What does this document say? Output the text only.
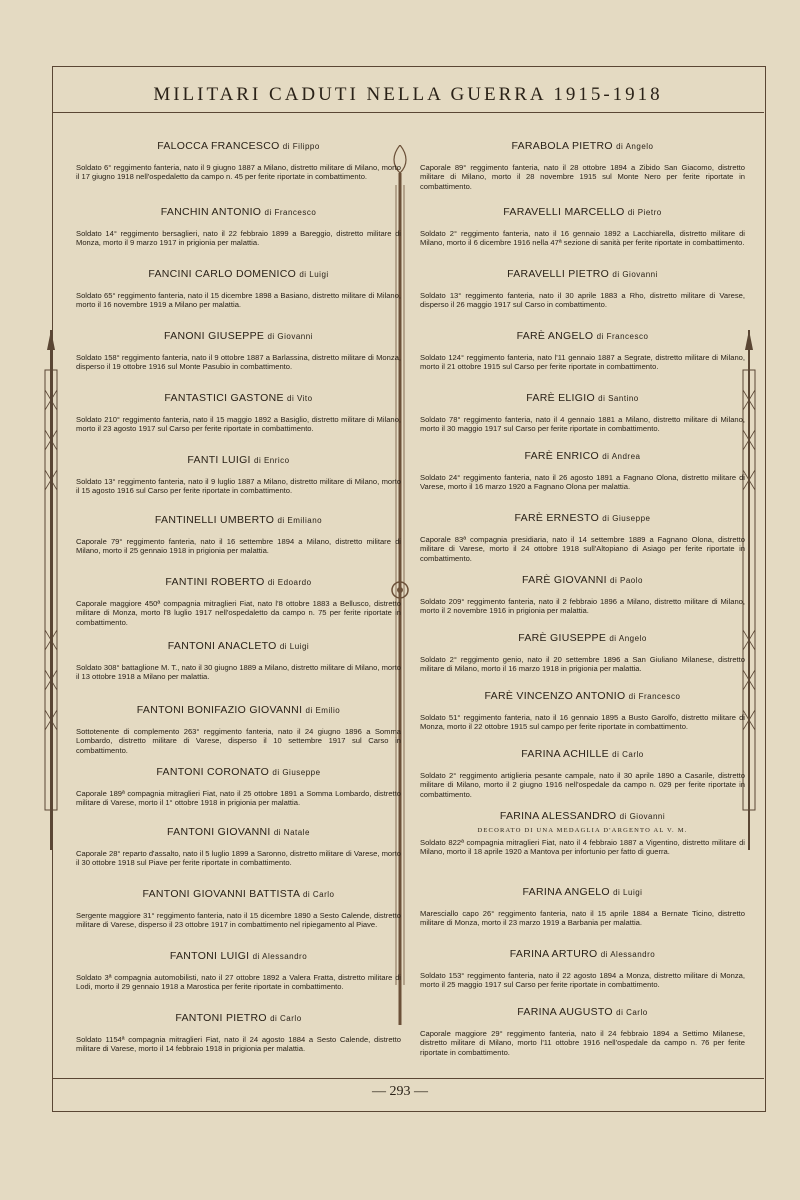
MILITARI CADUTI NELLA GUERRA 1915-1918
FALOCCA FRANCESCO di Filippo
Soldato 6° reggimento fanteria, nato il 9 giugno 1887 a Milano, distretto militare di Milano, morto il 17 giugno 1918 nell'ospedaletto da campo n. 45 per ferite riportate in combattimento.
FANCHIN ANTONIO di Francesco
Soldato 14° reggimento bersaglieri, nato il 22 febbraio 1899 a Bareggio, distretto militare di Monza, morto il 9 marzo 1917 in prigionia per malattia.
FANCINI CARLO DOMENICO di Luigi
Soldato 65° reggimento fanteria, nato il 15 dicembre 1898 a Basiano, distretto militare di Milano, morto il 16 novembre 1919 a Milano per malattia.
FANONI GIUSEPPE di Giovanni
Soldato 158° reggimento fanteria, nato il 9 ottobre 1887 a Barlassina, distretto militare di Monza, disperso il 19 ottobre 1916 sul Monte Pasubio in combattimento.
FANTASTICI GASTONE di Vito
Soldato 210° reggimento fanteria, nato il 15 maggio 1892 a Basiglio, distretto militare di Milano, morto il 23 agosto 1917 sul Carso per ferite riportate in combattimento.
FANTI LUIGI di Enrico
Soldato 13° reggimento fanteria, nato il 9 luglio 1887 a Milano, distretto militare di Milano, morto il 15 agosto 1916 sul Carso per ferite riportate in combattimento.
FANTINELLI UMBERTO di Emiliano
Caporale 79° reggimento fanteria, nato il 16 settembre 1894 a Milano, distretto militare di Milano, morto il 25 gennaio 1918 in prigionia per malattia.
FANTINI ROBERTO di Edoardo
Caporale maggiore 450ª compagnia mitraglieri Fiat, nato l'8 ottobre 1883 a Bellusco, distretto militare di Monza, morto l'8 luglio 1917 nell'ospedaletto da campo n. 75 per ferite riportate in combattimento.
FANTONI ANACLETO di Luigi
Soldato 308° battaglione M. T., nato il 30 giugno 1889 a Milano, distretto militare di Milano, morto il 13 ottobre 1918 a Milano per malattia.
FANTONI BONIFAZIO GIOVANNI di Emilio
Sottotenente di complemento 263° reggimento fanteria, nato il 24 giugno 1896 a Somma Lombardo, distretto militare di Varese, disperso il 10 settembre 1917 sul Carso in combattimento.
FANTONI CORONATO di Giuseppe
Caporale 189ª compagnia mitraglieri Fiat, nato il 25 ottobre 1891 a Somma Lombardo, distretto militare di Varese, morto il 1° ottobre 1918 in prigionia per malattia.
FANTONI GIOVANNI di Natale
Caporale 28° reparto d'assalto, nato il 5 luglio 1899 a Saronno, distretto militare di Varese, morto il 30 ottobre 1918 sul Piave per ferite riportate in combattimento.
FANTONI GIOVANNI BATTISTA di Carlo
Sergente maggiore 31° reggimento fanteria, nato il 15 dicembre 1890 a Sesto Calende, distretto militare di Varese, disperso il 23 ottobre 1917 in combattimento nel ripiegamento al Piave.
FANTONI LUIGI di Alessandro
Soldato 3ª compagnia automobilisti, nato il 27 ottobre 1892 a Valera Fratta, distretto militare di Lodi, morto il 29 gennaio 1918 a Marostica per ferite riportate in combattimento.
FANTONI PIETRO di Carlo
Soldato 1154ª compagnia mitraglieri Fiat, nato il 24 agosto 1884 a Sesto Calende, distretto militare di Varese, morto il 14 febbraio 1918 in prigionia per malattia.
FARABOLA PIETRO di Angelo
Caporale 89° reggimento fanteria, nato il 28 ottobre 1894 a Zibido San Giacomo, distretto militare di Milano, morto il 28 novembre 1915 sul Monte Nero per ferite riportate in combattimento.
FARAVELLI MARCELLO di Pietro
Soldato 2° reggimento fanteria, nato il 16 gennaio 1892 a Lacchiarella, distretto militare di Milano, morto il 6 dicembre 1916 nella 47ª sezione di sanità per ferite riportate in combattimento.
FARAVELLI PIETRO di Giovanni
Soldato 13° reggimento fanteria, nato il 30 aprile 1883 a Rho, distretto militare di Varese, disperso il 26 maggio 1917 sul Carso in combattimento.
FARÈ ANGELO di Francesco
Soldato 124° reggimento fanteria, nato l'11 gennaio 1887 a Segrate, distretto militare di Milano, morto il 21 ottobre 1915 sul Carso per ferite riportate in combattimento.
FARÈ ELIGIO di Santino
Soldato 78° reggimento fanteria, nato il 4 gennaio 1881 a Milano, distretto militare di Milano, morto il 30 maggio 1917 sul Carso per ferite riportate in combattimento.
FARÈ ENRICO di Andrea
Soldato 24° reggimento fanteria, nato il 26 agosto 1891 a Fagnano Olona, distretto militare di Varese, morto il 16 marzo 1920 a Fagnano Olona per malattia.
FARÈ ERNESTO di Giuseppe
Caporale 83ª compagnia presidiaria, nato il 14 settembre 1889 a Fagnano Olona, distretto militare di Varese, morto il 24 ottobre 1918 sull'Altopiano di Asiago per ferite riportate in combattimento.
FARÈ GIOVANNI di Paolo
Soldato 209° reggimento fanteria, nato il 2 febbraio 1896 a Milano, distretto militare di Milano, morto il 2 novembre 1916 in prigionia per malattia.
FARÈ GIUSEPPE di Angelo
Soldato 2° reggimento genio, nato il 20 settembre 1896 a San Giuliano Milanese, distretto militare di Milano, morto il 16 marzo 1918 in prigionia per malattia.
FARÈ VINCENZO ANTONIO di Francesco
Soldato 51° reggimento fanteria, nato il 16 gennaio 1895 a Busto Garolfo, distretto militare di Monza, morto il 22 ottobre 1915 sul campo per ferite riportate in combattimento.
FARINA ACHILLE di Carlo
Soldato 2° reggimento artiglieria pesante campale, nato il 30 aprile 1890 a Casarile, distretto militare di Milano, morto il 2 giugno 1916 nell'ospedale da campo n. 029 per ferite riportate in combattimento.
FARINA ALESSANDRO di Giovanni
DECORATO DI UNA MEDAGLIA D'ARGENTO AL V. M.
Soldato 822ª compagnia mitraglieri Fiat, nato il 4 febbraio 1887 a Vigentino, distretto militare di Milano, morto il 18 aprile 1920 a Mantova per infortunio per fatto di guerra.
FARINA ANGELO di Luigi
Maresciallo capo 26° reggimento fanteria, nato il 15 aprile 1884 a Bernate Ticino, distretto militare di Monza, morto il 23 marzo 1919 a Barbania per malattia.
FARINA ARTURO di Alessandro
Soldato 153° reggimento fanteria, nato il 22 agosto 1894 a Monza, distretto militare di Monza, morto il 25 maggio 1917 sul Carso per ferite riportate in combattimento.
FARINA AUGUSTO di Carlo
Caporale maggiore 29° reggimento fanteria, nato il 24 febbraio 1894 a Settimo Milanese, distretto militare di Milano, morto l'11 ottobre 1916 nell'ospedale da campo n. 76 per ferite riportate in combattimento.
— 293 —
